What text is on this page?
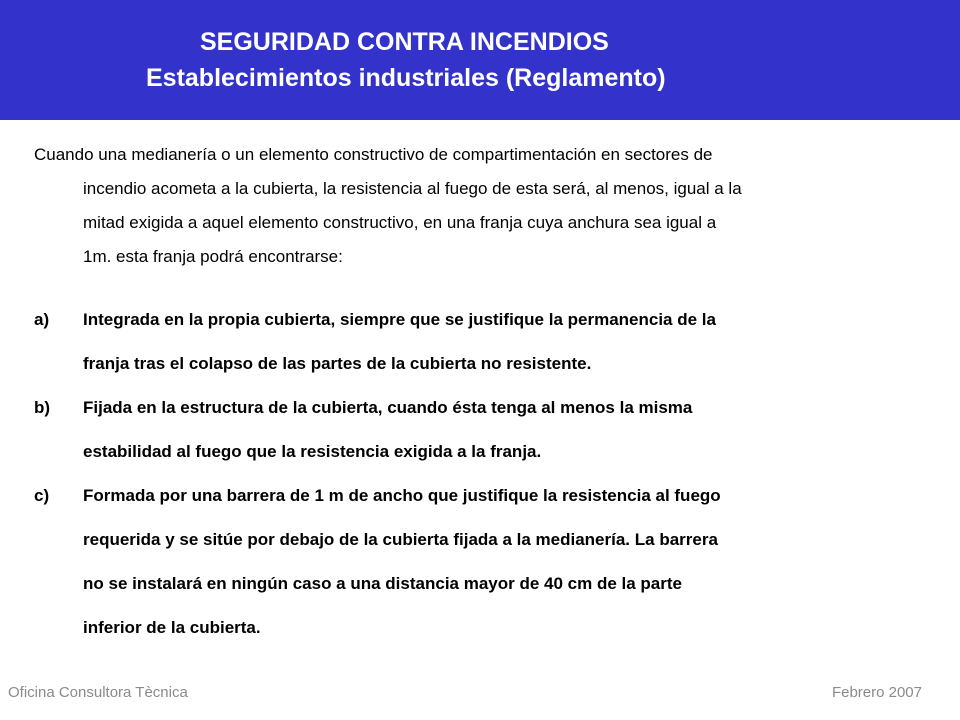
SEGURIDAD CONTRA INCENDIOS
Establecimientos industriales (Reglamento)
Cuando una medianería o un elemento constructivo de compartimentación en sectores de
incendio acometa a la cubierta, la resistencia al fuego de esta será, al menos, igual a la
mitad exigida a aquel elemento constructivo, en una franja cuya anchura sea igual a
1m. esta franja podrá encontrarse:
a) Integrada en la propia cubierta, siempre que se justifique la permanencia de la
franja tras el colapso de las partes de la cubierta no resistente.
b) Fijada en la estructura de la cubierta, cuando ésta tenga al menos la misma
estabilidad al fuego que la resistencia exigida a la franja.
c) Formada por una barrera de 1 m de ancho que justifique la resistencia al fuego
requerida y se sitúe por debajo de la cubierta fijada a la medianería. La barrera
no se instalará en ningún caso a una distancia mayor de 40 cm de la parte
inferior de la cubierta.
Oficina Consultora Tècnica	Febrero 2007
